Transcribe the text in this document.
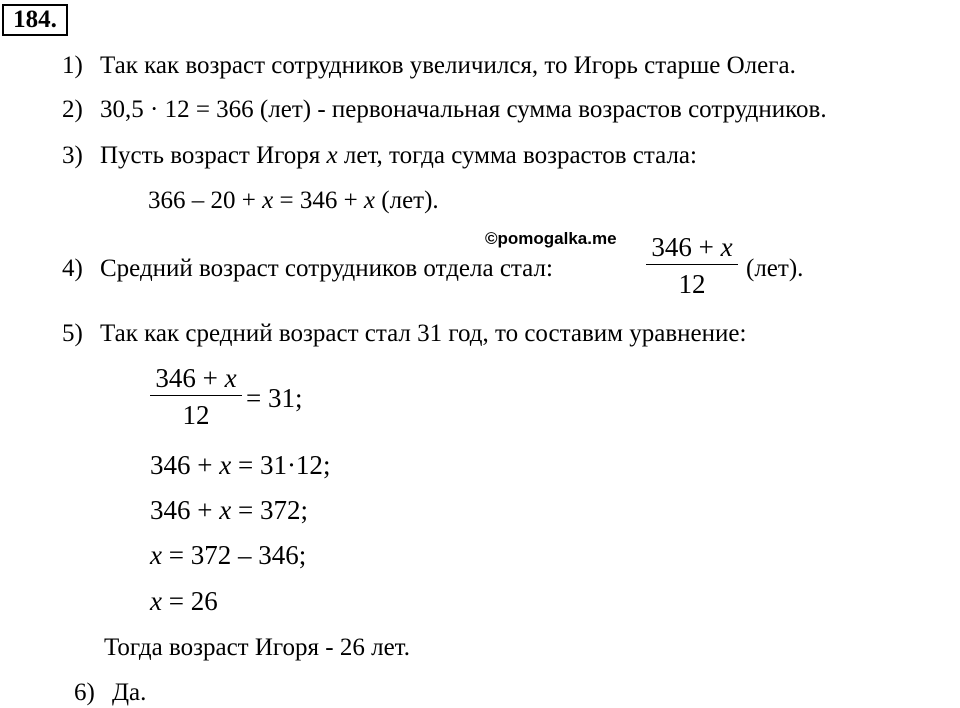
184.
1) Так как возраст сотрудников увеличился, то Игорь старше Олега.
2) 30,5 · 12 = 366 (лет) - первоначальная сумма возрастов сотрудников.
3) Пусть возраст Игоря x лет, тогда сумма возрастов стала:
366 – 20 + x = 346 + x (лет).
©pomogalka.me
4) Средний возраст сотрудников отдела стал:
346 + x
12
(лет).
5) Так как средний возраст стал 31 год, то составим уравнение:
346 + x
12
= 31;
346 + x = 31·12;
346 + x = 372;
x = 372 – 346;
x = 26
Тогда возраст Игоря - 26 лет.
6) Да.
